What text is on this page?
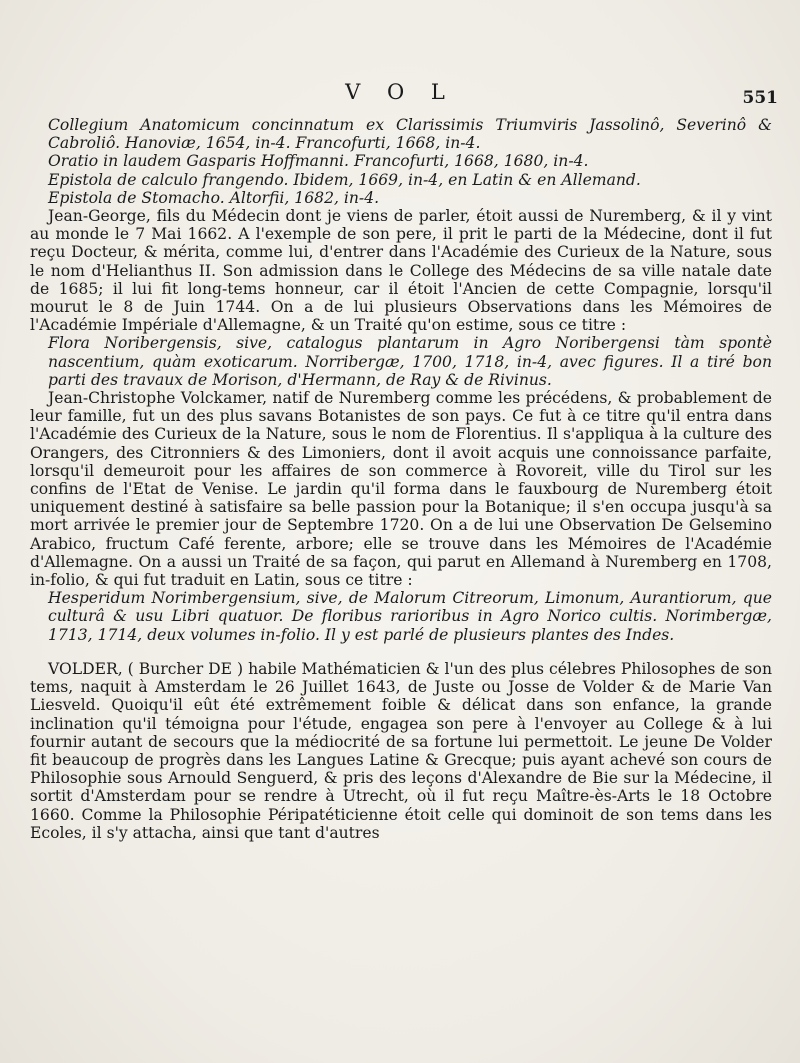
V O L	551

Collegium Anatomicum concinnatum ex Clarissimis Triumviris Jassolinô, Severinô & Cabroliô. Hanoviæ, 1654, in-4. Francofurti, 1668, in-4.

Oratio in laudem Gasparis Hoffmanni. Francofurti, 1668, 1680, in-4.

Epistola de calculo frangendo. Ibidem, 1669, in-4, en Latin & en Allemand.

Epistola de Stomacho. Altorfii, 1682, in-4.

Jean-George, fils du Médecin dont je viens de parler, étoit aussi de Nuremberg, & il y vint au monde le 7 Mai 1662. A l'exemple de son pere, il prit le parti de la Médecine, dont il fut reçu Docteur, & mérita, comme lui, d'entrer dans l'Académie des Curieux de la Nature, sous le nom d'Helianthus II. Son admission dans le College des Médecins de sa ville natale date de 1685; il lui fit long-tems honneur, car il étoit l'Ancien de cette Compagnie, lorsqu'il mourut le 8 de Juin 1744. On a de lui plusieurs Observations dans les Mémoires de l'Académie Impériale d'Allemagne, & un Traité qu'on estime, sous ce titre :

Flora Noribergensis, sive, catalogus plantarum in Agro Noribergensi tàm spontè nascentium, quàm exoticarum. Norribergæ, 1700, 1718, in-4, avec figures. Il a tiré bon parti des travaux de Morison, d'Hermann, de Ray & de Rivinus.

Jean-Christophe Volckamer, natif de Nuremberg comme les précédens, & probablement de leur famille, fut un des plus savans Botanistes de son pays. Ce fut à ce titre qu'il entra dans l'Académie des Curieux de la Nature, sous le nom de Florentius. Il s'appliqua à la culture des Orangers, des Citronniers & des Limoniers, dont il avoit acquis une connoissance parfaite, lorsqu'il demeuroit pour les affaires de son commerce à Rovoreit, ville du Tirol sur les confins de l'Etat de Venise. Le jardin qu'il forma dans le fauxbourg de Nuremberg étoit uniquement destiné à satisfaire sa belle passion pour la Botanique; il s'en occupa jusqu'à sa mort arrivée le premier jour de Septembre 1720. On a de lui une Observation De Gelsemino Arabico, fructum Café ferente, arbore; elle se trouve dans les Mémoires de l'Académie d'Allemagne. On a aussi un Traité de sa façon, qui parut en Allemand à Nuremberg en 1708, in-folio, & qui fut traduit en Latin, sous ce titre :

Hesperidum Norimbergensium, sive, de Malorum Citreorum, Limonum, Aurantiorum, que culturâ & usu Libri quatuor. De floribus rarioribus in Agro Norico cultis. Norimbergæ, 1713, 1714, deux volumes in-folio. Il y est parlé de plusieurs plantes des Indes.

VOLDER, ( Burcher DE ) habile Mathématicien & l'un des plus célebres Philosophes de son tems, naquit à Amsterdam le 26 Juillet 1643, de Juste ou Josse de Volder & de Marie Van Liesveld. Quoiqu'il eût été extrêmement foible & délicat dans son enfance, la grande inclination qu'il témoigna pour l'étude, engagea son pere à l'envoyer au College & à lui fournir autant de secours que la médiocrité de sa fortune lui permettoit. Le jeune De Volder fit beaucoup de progrès dans les Langues Latine & Grecque; puis ayant achevé son cours de Philosophie sous Arnould Senguerd, & pris des leçons d'Alexandre de Bie sur la Médecine, il sortit d'Amsterdam pour se rendre à Utrecht, où il fut reçu Maître-ès-Arts le 18 Octobre 1660. Comme la Philosophie Péripatéticienne étoit celle qui dominoit de son tems dans les Ecoles, il s'y attacha, ainsi que tant d'autres
